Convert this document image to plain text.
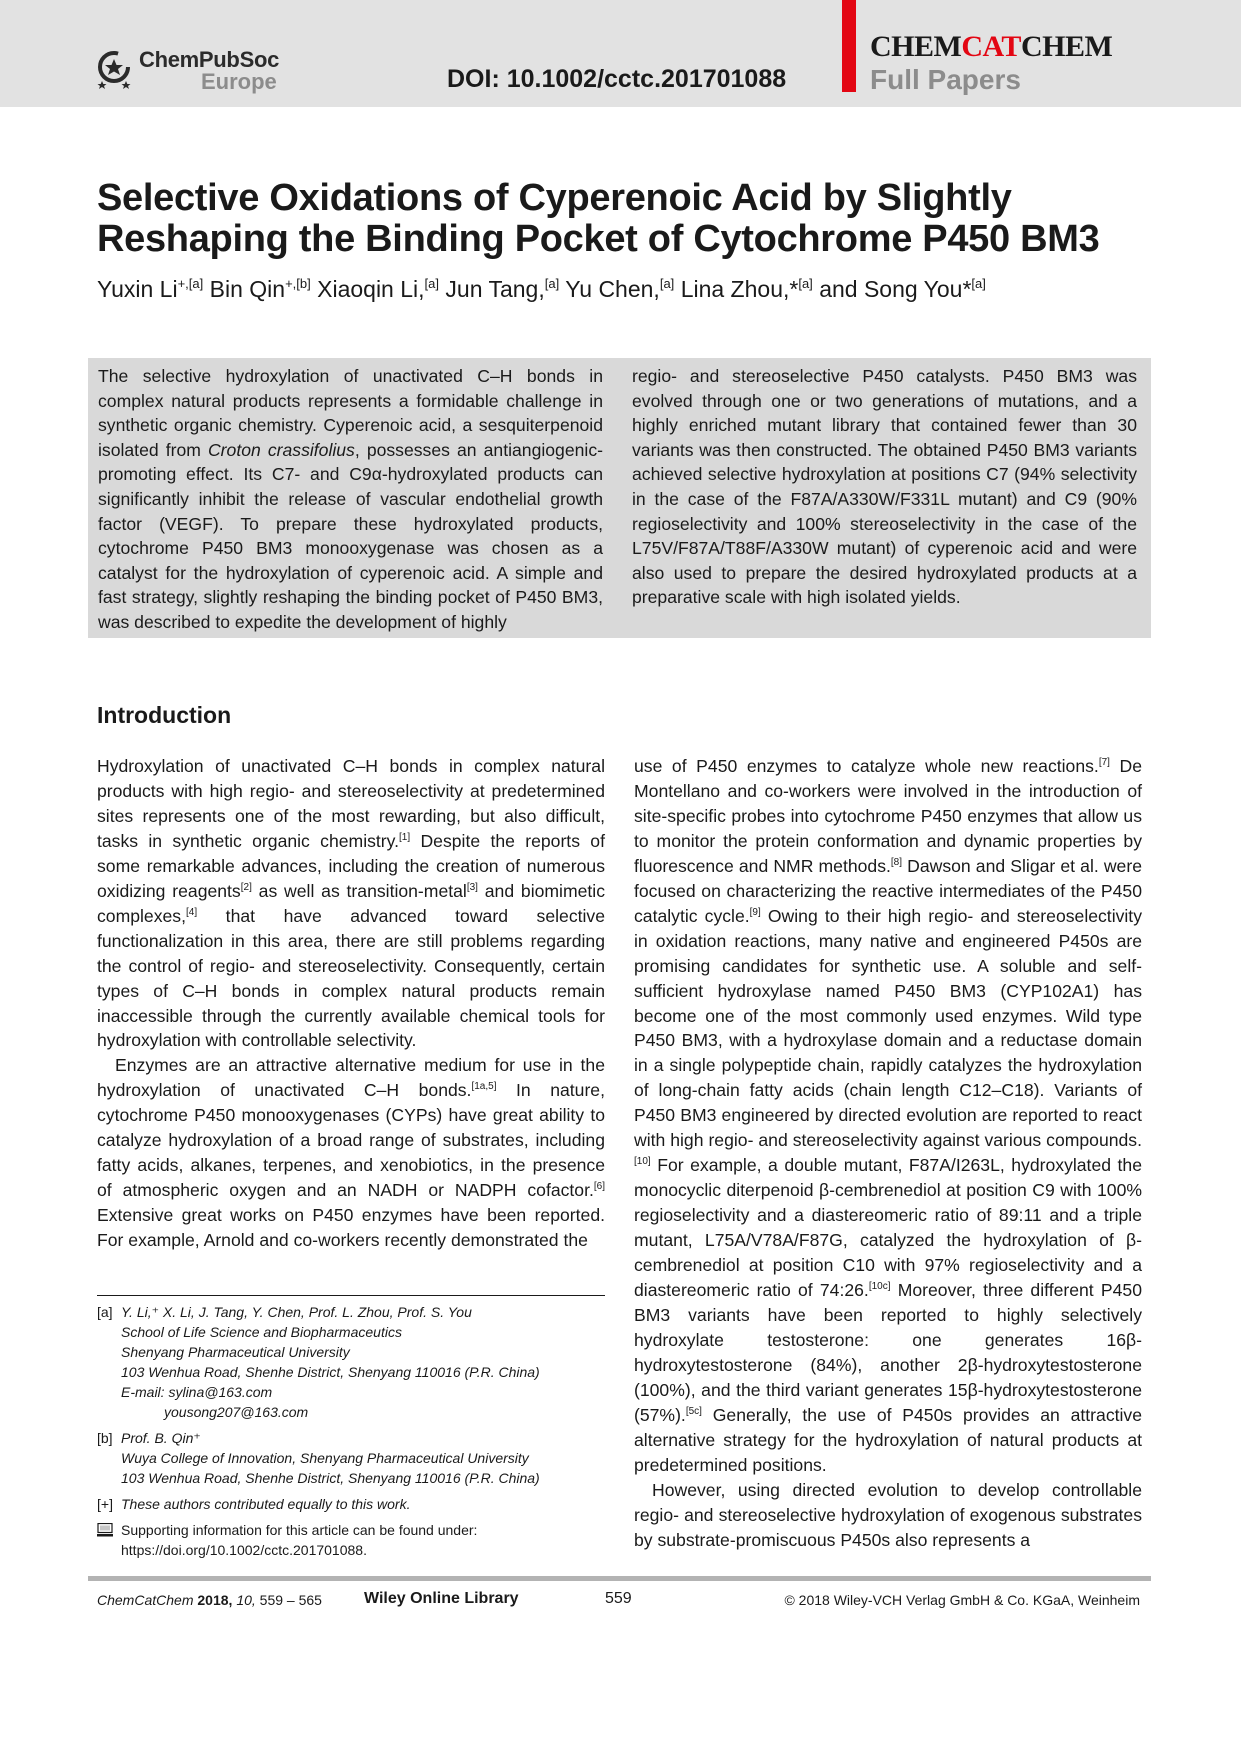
ChemPubSoc
Europe	DOI: 10.1002/cctc.201701088
CHEMCATCHEM
Full Papers
Selective Oxidations of Cyperenoic Acid by Slightly
Reshaping the Binding Pocket of Cytochrome P450 BM3
Yuxin $Li^{+,[a]}$ Bin Qin$^{+,[b]}$ Xiaoqin Li,[a] Jun Tang,[a] Yu Chen,[a] Lina Zhou,*[a] and Song You*[a]
The selective hydroxylation of unactivated C–H bonds in complex natural products represents a formidable challenge in synthetic organic chemistry. Cyperenoic acid, a sesquiterpenoid isolated from Croton crassifolius, possesses an antiangiogenic-promoting effect. Its C7- and C9α-hydroxylated products can significantly inhibit the release of vascular endothelial growth factor (VEGF). To prepare these hydroxylated products, cytochrome P450 BM3 monooxygenase was chosen as a catalyst for the hydroxylation of cyperenoic acid. A simple and fast strategy, slightly reshaping the binding pocket of P450 BM3, was described to expedite the development of highly
regio- and stereoselective P450 catalysts. P450 BM3 was evolved through one or two generations of mutations, and a highly enriched mutant library that contained fewer than 30 variants was then constructed. The obtained P450 BM3 variants achieved selective hydroxylation at positions C7 (94% selectivity in the case of the F87A/A330W/F331L mutant) and C9 (90% regioselectivity and 100% stereoselectivity in the case of the L75V/F87A/T88F/A330W mutant) of cyperenoic acid and were also used to prepare the desired hydroxylated products at a preparative scale with high isolated yields.
Introduction

Hydroxylation of unactivated C–H bonds in complex natural products with high regio- and stereoselectivity at predetermined sites represents one of the most rewarding, but also difficult, tasks in synthetic organic chemistry.[1] Despite the reports of some remarkable advances, including the creation of numerous oxidizing reagents[2] as well as transition-metal[3] and biomimetic complexes,[4] that have advanced toward selective functionalization in this area, there are still problems regarding the control of regio- and stereoselectivity. Consequently, certain types of C–H bonds in complex natural products remain inaccessible through the currently available chemical tools for hydroxylation with controllable selectivity.

Enzymes are an attractive alternative medium for use in the hydroxylation of unactivated C–H bonds.[1a,5] In nature, cytochrome P450 monooxygenases (CYPs) have great ability to catalyze hydroxylation of a broad range of substrates, including fatty acids, alkanes, terpenes, and xenobiotics, in the presence of atmospheric oxygen and an NADH or NADPH cofactor.[6] Extensive great works on P450 enzymes have been reported. For example, Arnold and co-workers recently demonstrated the

use of P450 enzymes to catalyze whole new reactions.[7] De Montellano and co-workers were involved in the introduction of site-specific probes into cytochrome P450 enzymes that allow us to monitor the protein conformation and dynamic properties by fluorescence and NMR methods.[8] Dawson and Sligar et al. were focused on characterizing the reactive intermediates of the P450 catalytic cycle.[9] Owing to their high regio- and stereoselectivity in oxidation reactions, many native and engineered P450s are promising candidates for synthetic use. A soluble and self-sufficient hydroxylase named P450 BM3 (CYP102A1) has become one of the most commonly used enzymes. Wild type P450 BM3, with a hydroxylase domain and a reductase domain in a single polypeptide chain, rapidly catalyzes the hydroxylation of long-chain fatty acids (chain length C12–C18). Variants of P450 BM3 engineered by directed evolution are reported to react with high regio- and stereoselectivity against various compounds.[10] For example, a double mutant, F87A/I263L, hydroxylated the monocyclic diterpenoid β-cembrenediol at position C9 with 100% regioselectivity and a diastereomeric ratio of 89:11 and a triple mutant, L75A/V78A/F87G, catalyzed the hydroxylation of β-cembrenediol at position C10 with 97% regioselectivity and a diastereomeric ratio of 74:26.[10c] Moreover, three different P450 BM3 variants have been reported to highly selectively hydroxylate testosterone: one generates 16β-hydroxytestosterone (84%), another 2β-hydroxytestosterone (100%), and the third variant generates 15β-hydroxytestosterone (57%).[5c] Generally, the use of P450s provides an attractive alternative strategy for the hydroxylation of natural products at predetermined positions.

However, using directed evolution to develop controllable regio- and stereoselective hydroxylation of exogenous substrates by substrate-promiscuous P450s also represents a

[a] Y. Li,⁺ X. Li, J. Tang, Y. Chen, Prof. L. Zhou, Prof. S. You
School of Life Science and Biopharmaceutics
Shenyang Pharmaceutical University
103 Wenhua Road, Shenhe District, Shenyang 110016 (P.R. China)
E-mail: sylina@163.com
yousong207@163.com
[b] Prof. B. Qin⁺
Wuya College of Innovation, Shenyang Pharmaceutical University
103 Wenhua Road, Shenhe District, Shenyang 110016 (P.R. China)
[+] These authors contributed equally to this work.
Supporting information for this article can be found under:
https://doi.org/10.1002/cctc.201701088.
ChemCatChem 2018, 10, 559 – 565	Wiley Online Library	559	© 2018 Wiley-VCH Verlag GmbH & Co. KGaA, Weinheim
